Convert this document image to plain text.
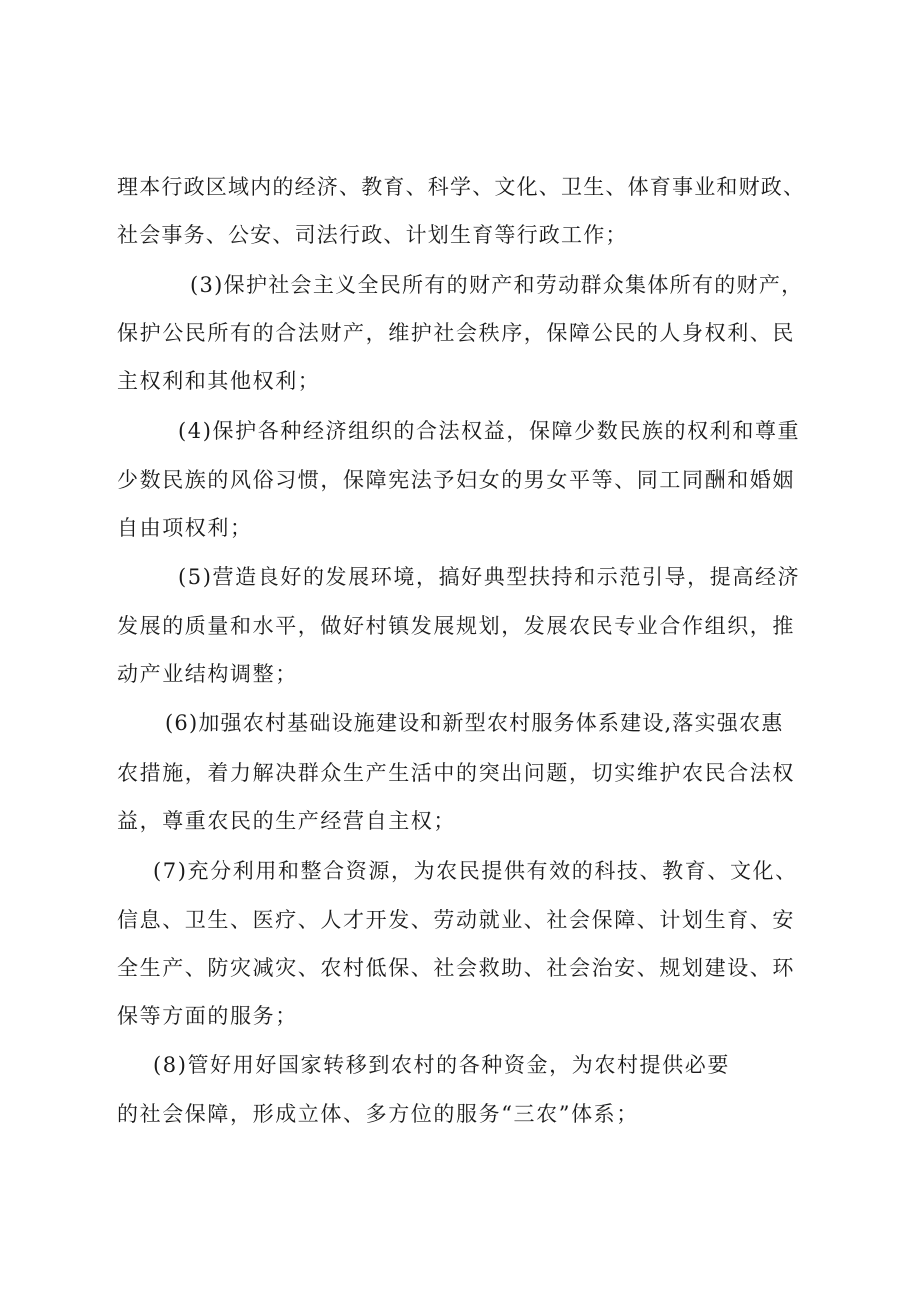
理本行政区域内的经济、教育、科学、文化、卫生、体育事业和财政、
社会事务、公安、司法行政、计划生育等行政工作；
(3)保护社会主义全民所有的财产和劳动群众集体所有的财产，
保护公民所有的合法财产，维护社会秩序，保障公民的人身权利、民
主权利和其他权利；
(4)保护各种经济组织的合法权益，保障少数民族的权利和尊重
少数民族的风俗习惯，保障宪法予妇女的男女平等、同工同酬和婚姻
自由项权利；
(5)营造良好的发展环境，搞好典型扶持和示范引导，提高经济
发展的质量和水平，做好村镇发展规划，发展农民专业合作组织，推
动产业结构调整；
(6)加强农村基础设施建设和新型农村服务体系建设,落实强农惠
农措施，着力解决群众生产生活中的突出问题，切实维护农民合法权
益，尊重农民的生产经营自主权；
(7)充分利用和整合资源，为农民提供有效的科技、教育、文化、
信息、卫生、医疗、人才开发、劳动就业、社会保障、计划生育、安
全生产、防灾减灾、农村低保、社会救助、社会治安、规划建设、环
保等方面的服务；
(8)管好用好国家转移到农村的各种资金，为农村提供必要
的社会保障，形成立体、多方位的服务“三农”体系；
